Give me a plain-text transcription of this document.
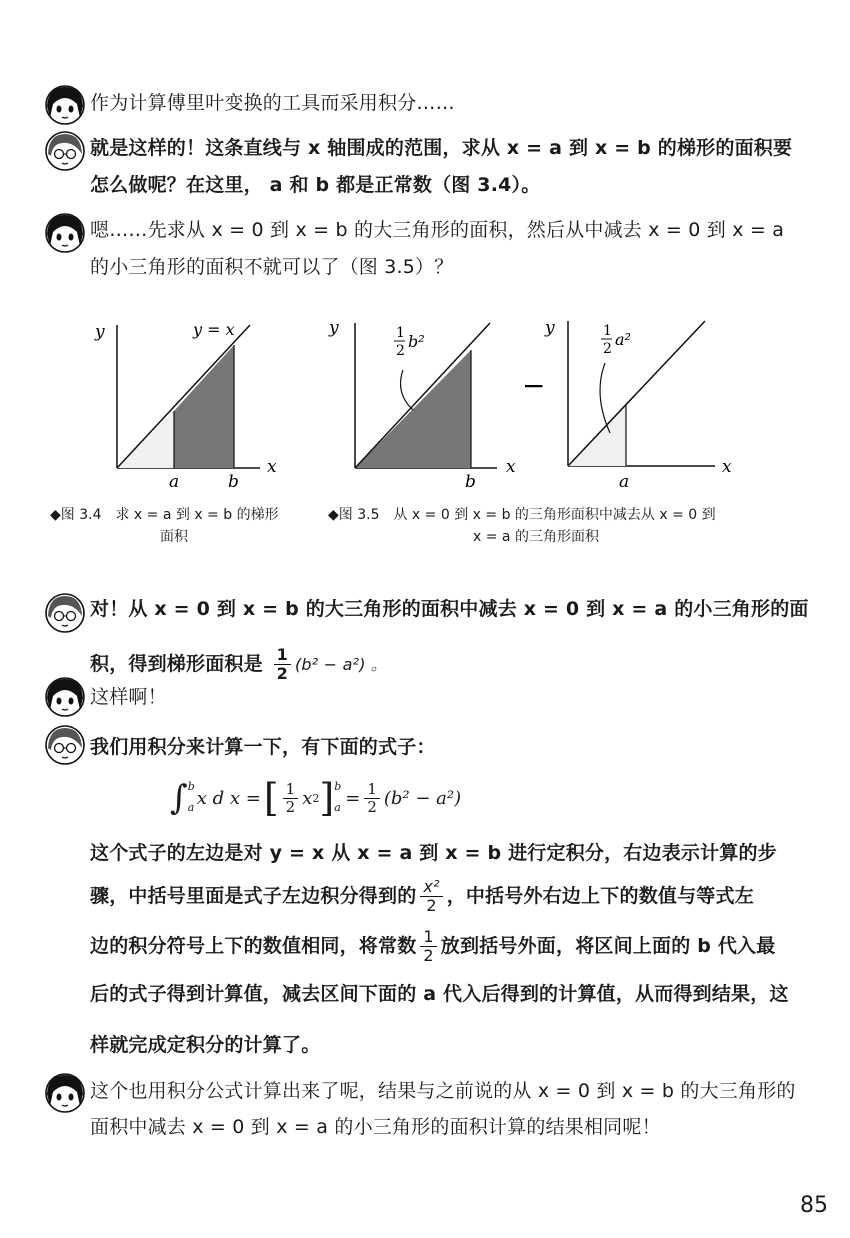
作为计算傅里叶变换的工具而采用积分……
就是这样的！这条直线与 x 轴围成的范围，求从 x = a 到 x = b 的梯形的面积要
怎么做呢？在这里， a 和 b 都是正常数（图 3.4）。
嗯……先求从 x = 0 到 x = b 的大三角形的面积，然后从中减去 x = 0 到 x = a
的小三角形的面积不就可以了（图 3.5）？
y
x
y = x
a	b
y
x
b
1
2 b²
−
y
x
a
1
2 a²
◆图 3.4　求 x = a 到 x = b 的梯形
面积
◆图 3.5　从 x = 0 到 x = b 的三角形面积中减去从 x = 0 到
x = a 的三角形面积
对！从 x = 0 到 x = b 的大三角形的面积中减去 x = 0 到 x = a 的小三角形的面
积，得到梯形面积是 $\frac{1}{2} (b^2 - a^2)$ 。
这样啊！
我们用积分来计算一下，有下面的式子：
∫ b
a x d x = [ $\frac{1}{2}$ x 2 ] b
$a = \frac{1}{2} (b^2 - a^2)$
这个式子的左边是对 y = x 从 x = a 到 x = b 进行定积分，右边表示计算的步
骤，中括号里面是式子左边积分得到的 $\frac{\text{x²}}{2}$ ，中括号外右边上下的数值与等式左
边的积分符号上下的数值相同，将常数 $\frac{1}{2}$ 放到括号外面，将区间上面的 b 代入最
后的式子得到计算值，减去区间下面的 a 代入后得到的计算值，从而得到结果，这
样就完成定积分的计算了。
这个也用积分公式计算出来了呢，结果与之前说的从 x = 0 到 x = b 的大三角形的
面积中减去 x = 0 到 x = a 的小三角形的面积计算的结果相同呢！
85
